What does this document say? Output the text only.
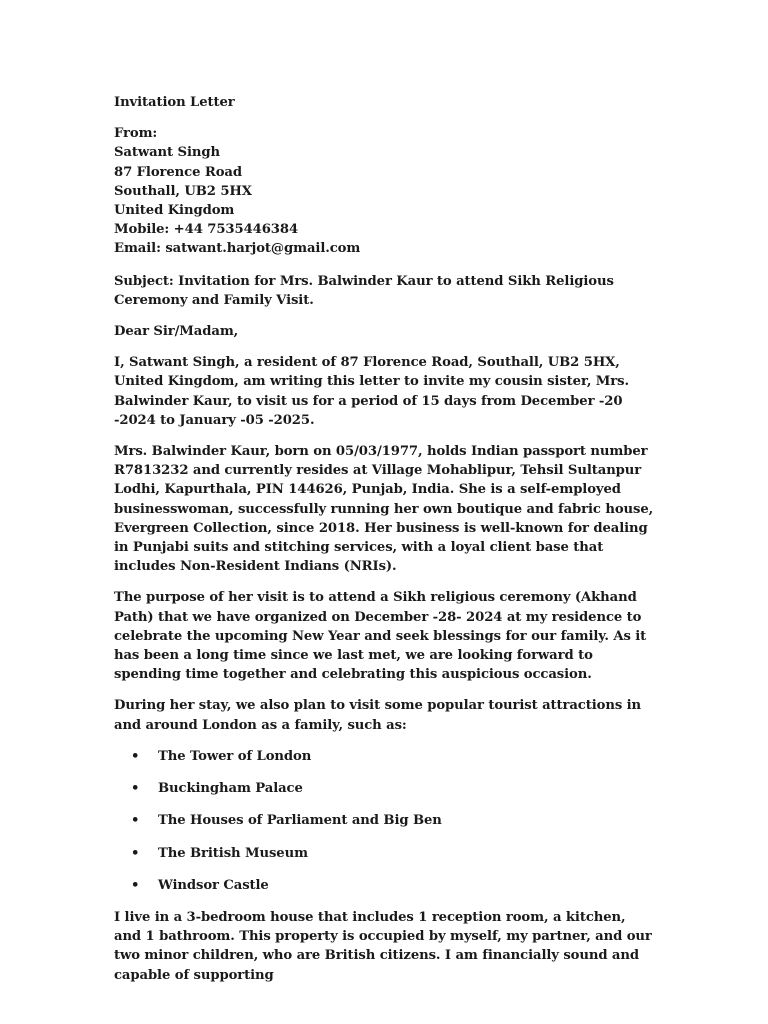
Invitation Letter
From:
Satwant Singh
87 Florence Road
Southall, UB2 5HX
United Kingdom
Mobile: +44 7535446384
Email: satwant.harjot@gmail.com
Subject: Invitation for Mrs. Balwinder Kaur to attend Sikh Religious Ceremony and Family Visit.
Dear Sir/Madam,

I, Satwant Singh, a resident of 87 Florence Road, Southall, UB2 5HX, United Kingdom, am writing this letter to invite my cousin sister, Mrs. Balwinder Kaur, to visit us for a period of 15 days from December -20 -2024 to January -05 -2025.

Mrs. Balwinder Kaur, born on 05/03/1977, holds Indian passport number R7813232 and currently resides at Village Mohablipur, Tehsil Sultanpur Lodhi, Kapurthala, PIN 144626, Punjab, India. She is a self-employed businesswoman, successfully running her own boutique and fabric house, Evergreen Collection, since 2018. Her business is well-known for dealing in Punjabi suits and stitching services, with a loyal client base that includes Non-Resident Indians (NRIs).

The purpose of her visit is to attend a Sikh religious ceremony (Akhand Path) that we have organized on December -28- 2024 at my residence to celebrate the upcoming New Year and seek blessings for our family. As it has been a long time since we last met, we are looking forward to spending time together and celebrating this auspicious occasion.

During her stay, we also plan to visit some popular tourist attractions in and around London as a family, such as:

• The Tower of London
• Buckingham Palace
• The Houses of Parliament and Big Ben
• The British Museum
• Windsor Castle

I live in a 3-bedroom house that includes 1 reception room, a kitchen, and 1 bathroom. This property is occupied by myself, my partner, and our two minor children, who are British citizens. I am financially sound and capable of supporting
